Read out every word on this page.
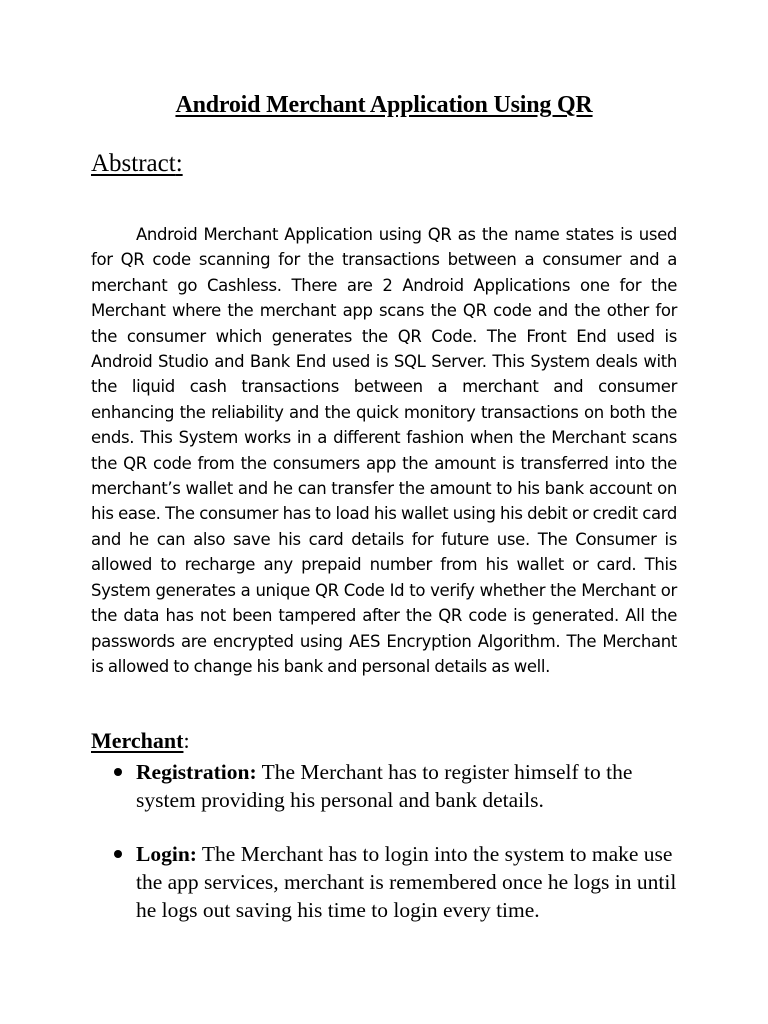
Android Merchant Application Using QR
Abstract:

Android Merchant Application using QR as the name states is used for QR code scanning for the transactions between a consumer and a merchant go Cashless. There are 2 Android Applications one for the Merchant where the merchant app scans the QR code and the other for the consumer which generates the QR Code. The Front End used is Android Studio and Bank End used is SQL Server. This System deals with the liquid cash transactions between a merchant and consumer enhancing the reliability and the quick monitory transactions on both the ends. This System works in a different fashion when the Merchant scans the QR code from the consumers app the amount is transferred into the merchant’s wallet and he can transfer the amount to his bank account on his ease. The consumer has to load his wallet using his debit or credit card and he can also save his card details for future use. The Consumer is allowed to recharge any prepaid number from his wallet or card. This System generates a unique QR Code Id to verify whether the Merchant or the data has not been tampered after the QR code is generated. All the passwords are encrypted using AES Encryption Algorithm. The Merchant is allowed to change his bank and personal details as well.

Merchant:
Registration: The Merchant has to register himself to the system providing his personal and bank details.
Login: The Merchant has to login into the system to make use the app services, merchant is remembered once he logs in until he logs out saving his time to login every time.
